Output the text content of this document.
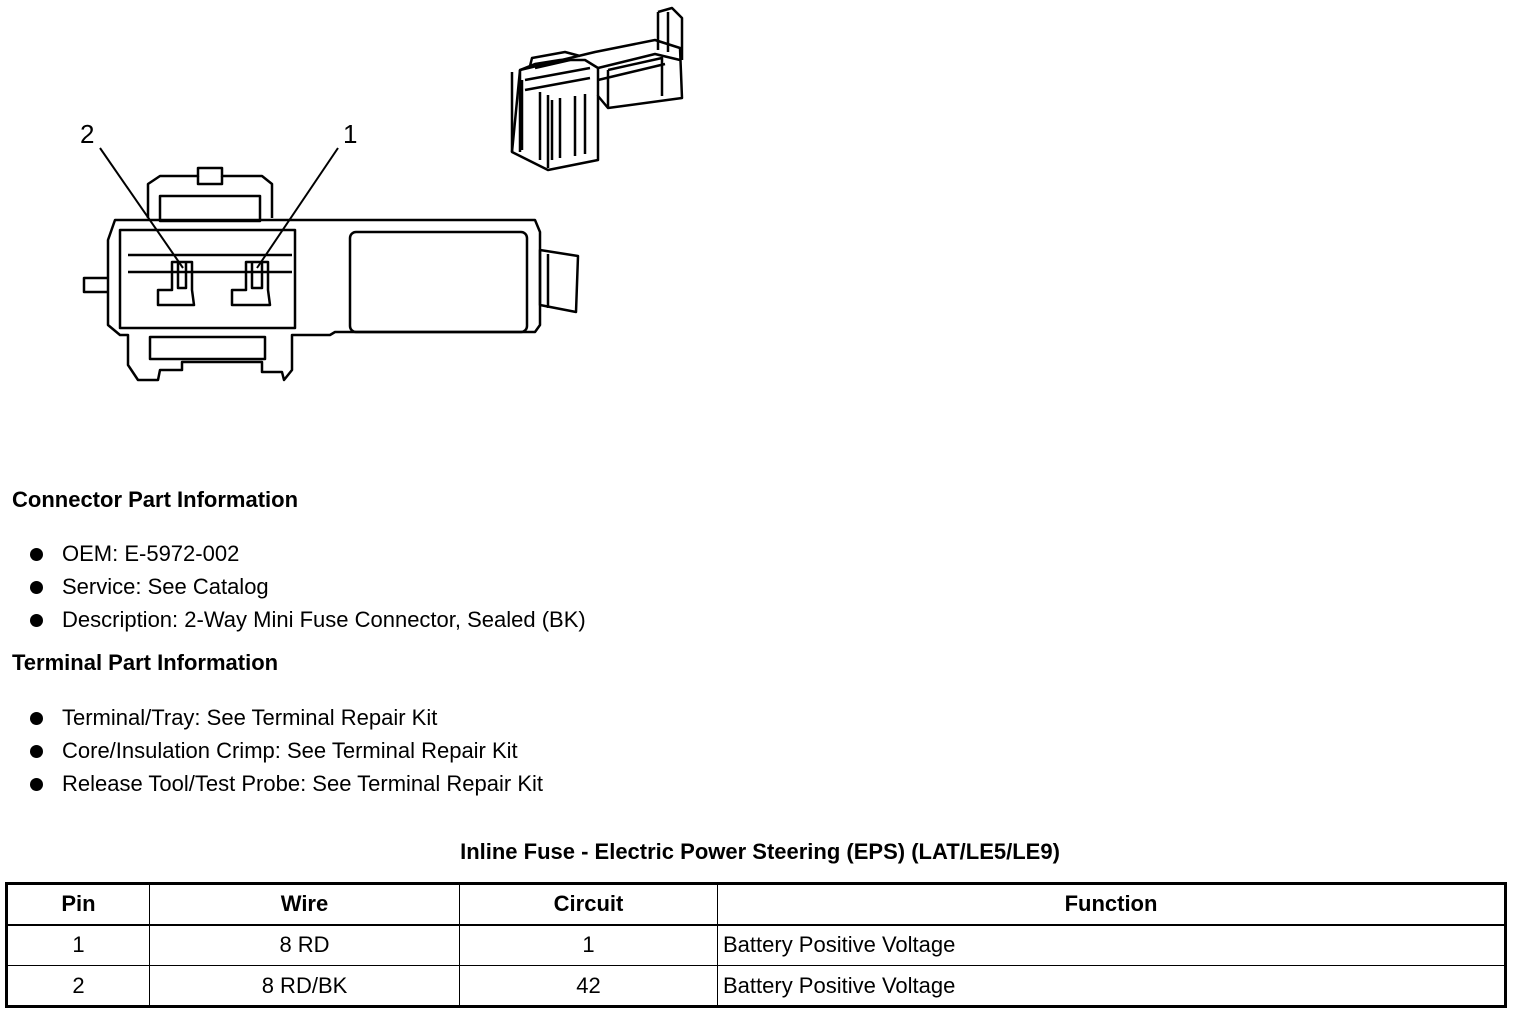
2	1
Connector Part Information
OEM: E-5972-002
Service: See Catalog
Description: 2-Way Mini Fuse Connector, Sealed (BK)
Terminal Part Information
Terminal/Tray: See Terminal Repair Kit
Core/Insulation Crimp: See Terminal Repair Kit
Release Tool/Test Probe: See Terminal Repair Kit
Inline Fuse - Electric Power Steering (EPS) (LAT/LE5/LE9)
Pin	Wire	Circuit	Function
1	8 RD	1	Battery Positive Voltage
2	8 RD/BK	42	Battery Positive Voltage
